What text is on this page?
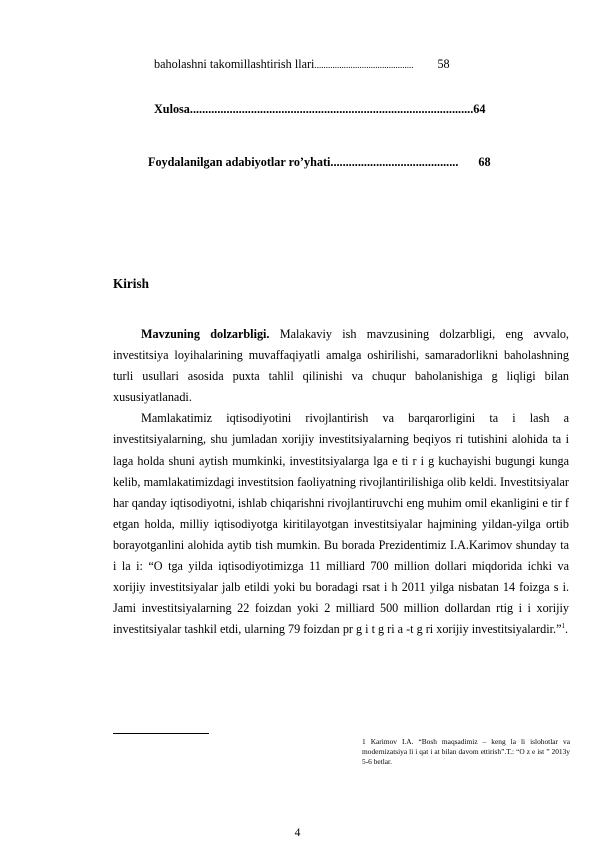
baholashni takomillashtirish llari............................................ 58
Xulosa.............................................................................................64
Foydalanilgan adabiyotlar ro’yhati.......................................... 68
Kirish

Mavzuning dolzarbligi. Malakaviy ish mavzusining dolzarbligi, eng avvalo, investitsiya loyihalarining muvaffaqiyatli amalga oshirilishi, samaradorlikni baholashning turli usullari asosida puxta tahlil qilinishi va chuqur baholanishiga g liqligi bilan xususiyatlanadi.

Mamlakatimiz iqtisodiyotini rivojlantirish va barqarorligini ta i lash a investitsiyalarning, shu jumladan xorijiy investitsiyalarning beqiyos ri tutishini alohida ta i laga holda shuni aytish mumkinki, investitsiyalarga lga e ti r i g kuchayishi bugungi kunga kelib, mamlakatimizdagi investitsion faoliyatning rivojlantirilishiga olib keldi. Investitsiyalar har qanday iqtisodiyotni, ishlab chiqarishni rivojlantiruvchi eng muhim omil ekanligini e tir f etgan holda, milliy iqtisodiyotga kiritilayotgan investitsiyalar hajmining yildan-yilga ortib borayotganlini alohida aytib tish mumkin. Bu borada Prezidentimiz I.A.Karimov shunday ta i la i: “O tga yilda iqtisodiyotimizga 11 milliard 700 million dollari miqdorida ichki va xorijiy investitsiyalar jalb etildi yoki bu boradagi rsat i h 2011 yilga nisbatan 14 foizga s i. Jami investitsiyalarning 22 foizdan yoki 2 milliard 500 million dollardan rtig i i xorijiy investitsiyalar tashkil etdi, ularning 79 foizdan pr g i t g ri a -t g ri xorijiy investitsiyalardir.”$^1$.

1 Karimov I.A. “Bosh maqsadimiz – keng la li islohotlar va modernizatsiya li i qat i at bilan davom ettirish”.T.: “O z e ist ” 2013y 5-6 betlar.
4
